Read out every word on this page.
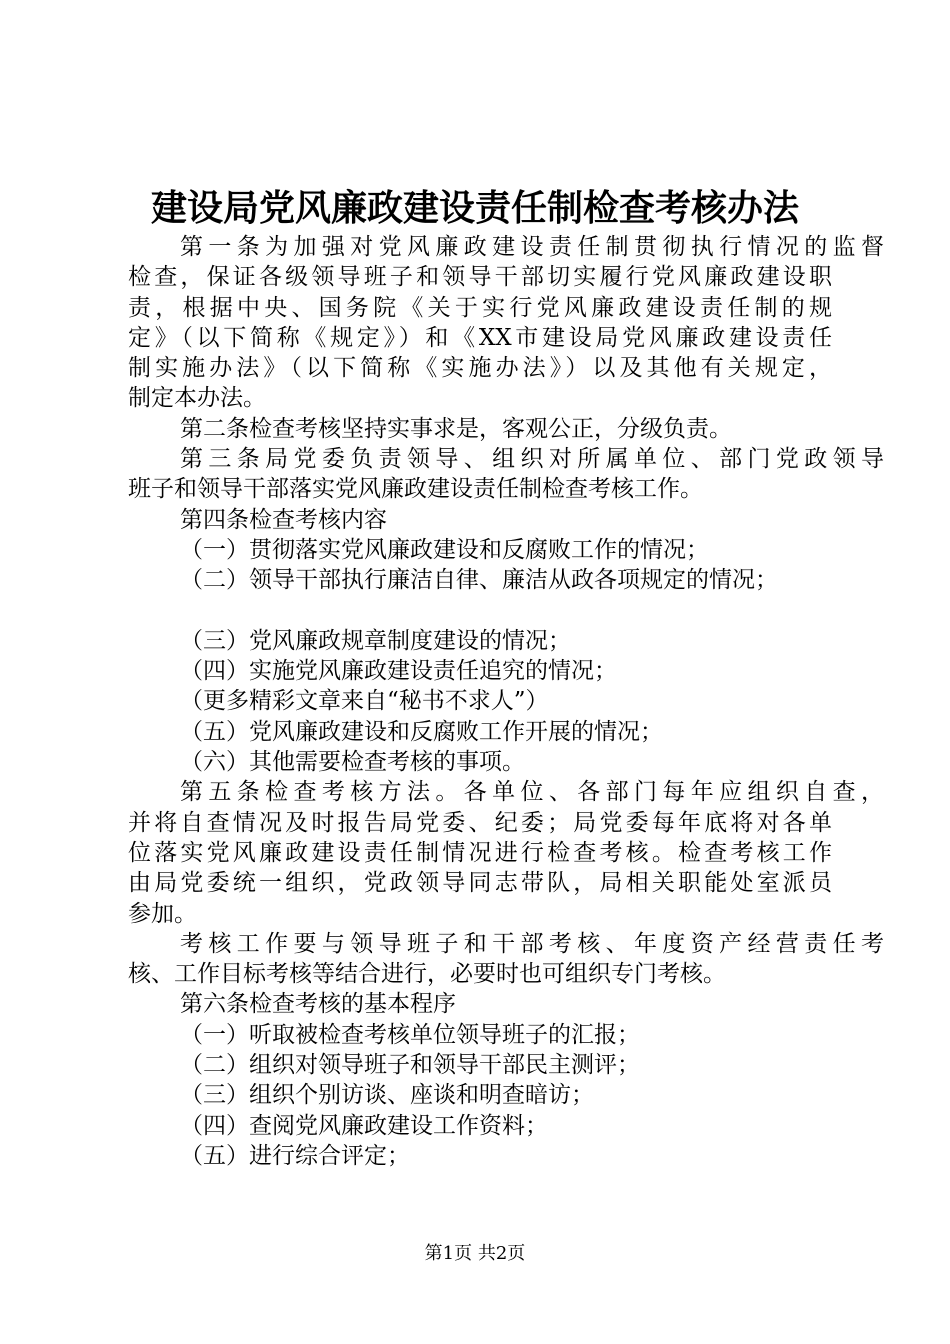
建设局党风廉政建设责任制检查考核办法
第一条为加强对党风廉政建设责任制贯彻执行情况的监督
检查，保证各级领导班子和领导干部切实履行党风廉政建设职
责，根据中央、国务院《关于实行党风廉政建设责任制的规
定》（以下简称《规定》）和《XX市建设局党风廉政建设责任
制实施办法》（以下简称《实施办法》）以及其他有关规定，
制定本办法。
第二条检查考核坚持实事求是，客观公正，分级负责。
第三条局党委负责领导、组织对所属单位、部门党政领导
班子和领导干部落实党风廉政建设责任制检查考核工作。
第四条检查考核内容
（一）贯彻落实党风廉政建设和反腐败工作的情况；
（二）领导干部执行廉洁自律、廉洁从政各项规定的情况；
（三）党风廉政规章制度建设的情况；
（四）实施党风廉政建设责任追究的情况；
（更多精彩文章来自“秘书不求人”）
（五）党风廉政建设和反腐败工作开展的情况；
（六）其他需要检查考核的事项。
第五条检查考核方法。各单位、各部门每年应组织自查，
并将自查情况及时报告局党委、纪委；局党委每年底将对各单
位落实党风廉政建设责任制情况进行检查考核。检查考核工作
由局党委统一组织，党政领导同志带队，局相关职能处室派员
参加。
考核工作要与领导班子和干部考核、年度资产经营责任考
核、工作目标考核等结合进行，必要时也可组织专门考核。
第六条检查考核的基本程序
（一）听取被检查考核单位领导班子的汇报；
（二）组织对领导班子和领导干部民主测评；
（三）组织个别访谈、座谈和明查暗访；
（四）查阅党风廉政建设工作资料；
（五）进行综合评定；
第1页 共2页
